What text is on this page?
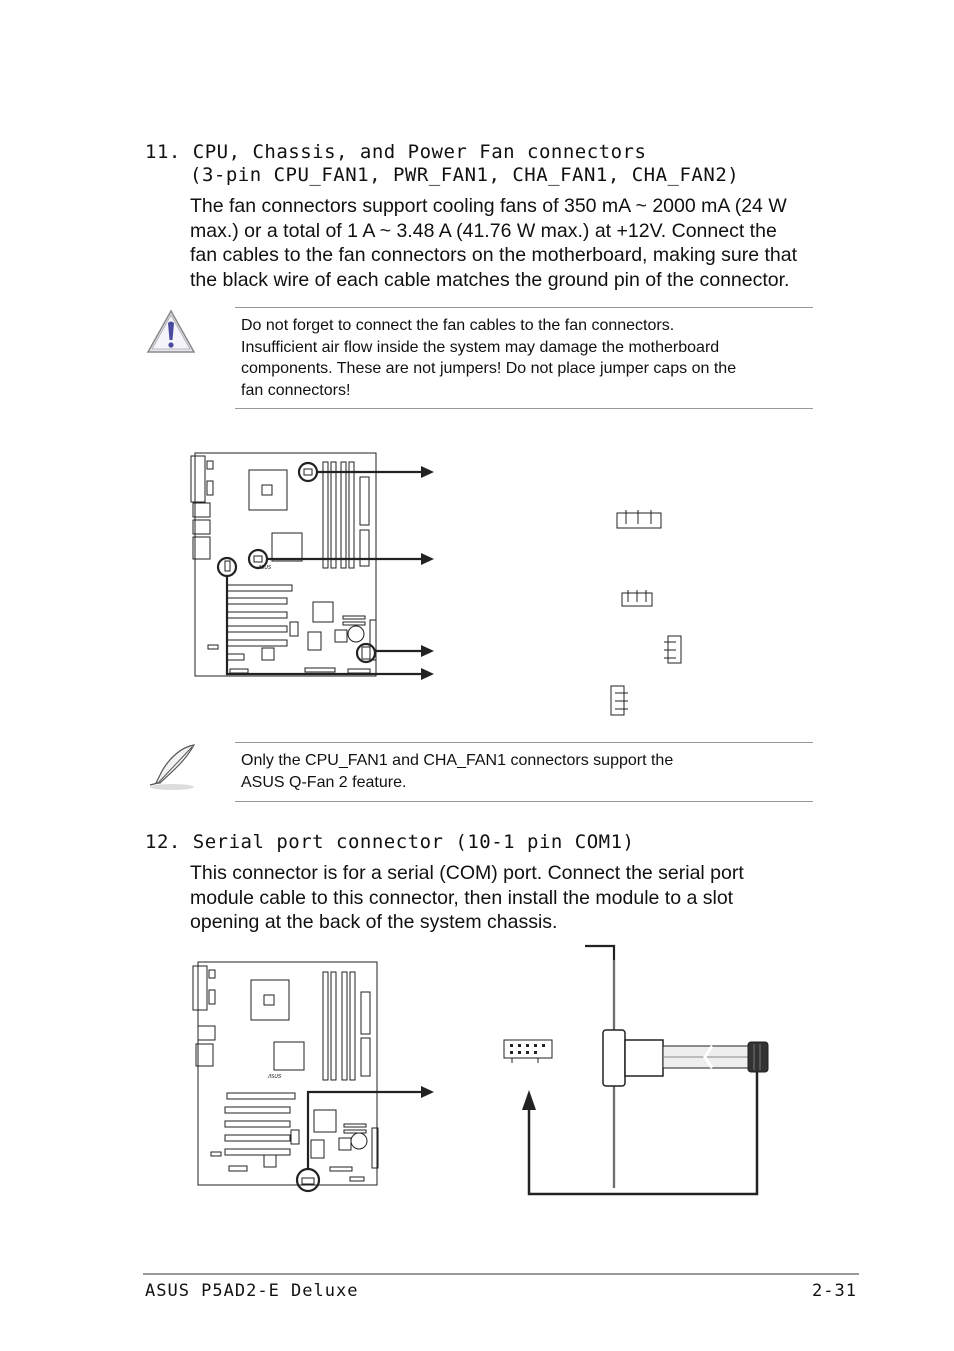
11. CPU, Chassis, and Power Fan connectors
(3-pin CPU_FAN1, PWR_FAN1, CHA_FAN1, CHA_FAN2)
The fan connectors support cooling fans of 350 mA ~ 2000 mA (24 W
max.) or a total of 1 A ~ 3.48 A (41.76 W max.) at +12V. Connect the
fan cables to the fan connectors on the motherboard, making sure that
the black wire of each cable matches the ground pin of the connector.
Do not forget to connect the fan cables to the fan connectors.
Insufficient air flow inside the system may damage the motherboard
components. These are not jumpers! Do not place jumper caps on the
fan connectors!
/ISUS
Only the CPU_FAN1 and CHA_FAN1 connectors support the
ASUS Q-Fan 2 feature.
12. Serial port connector (10-1 pin COM1)
This connector is for a serial (COM) port. Connect the serial port
module cable to this connector, then install the module to a slot
opening at the back of the system chassis.
/ISUS
ASUS P5AD2-E Deluxe	2-31
